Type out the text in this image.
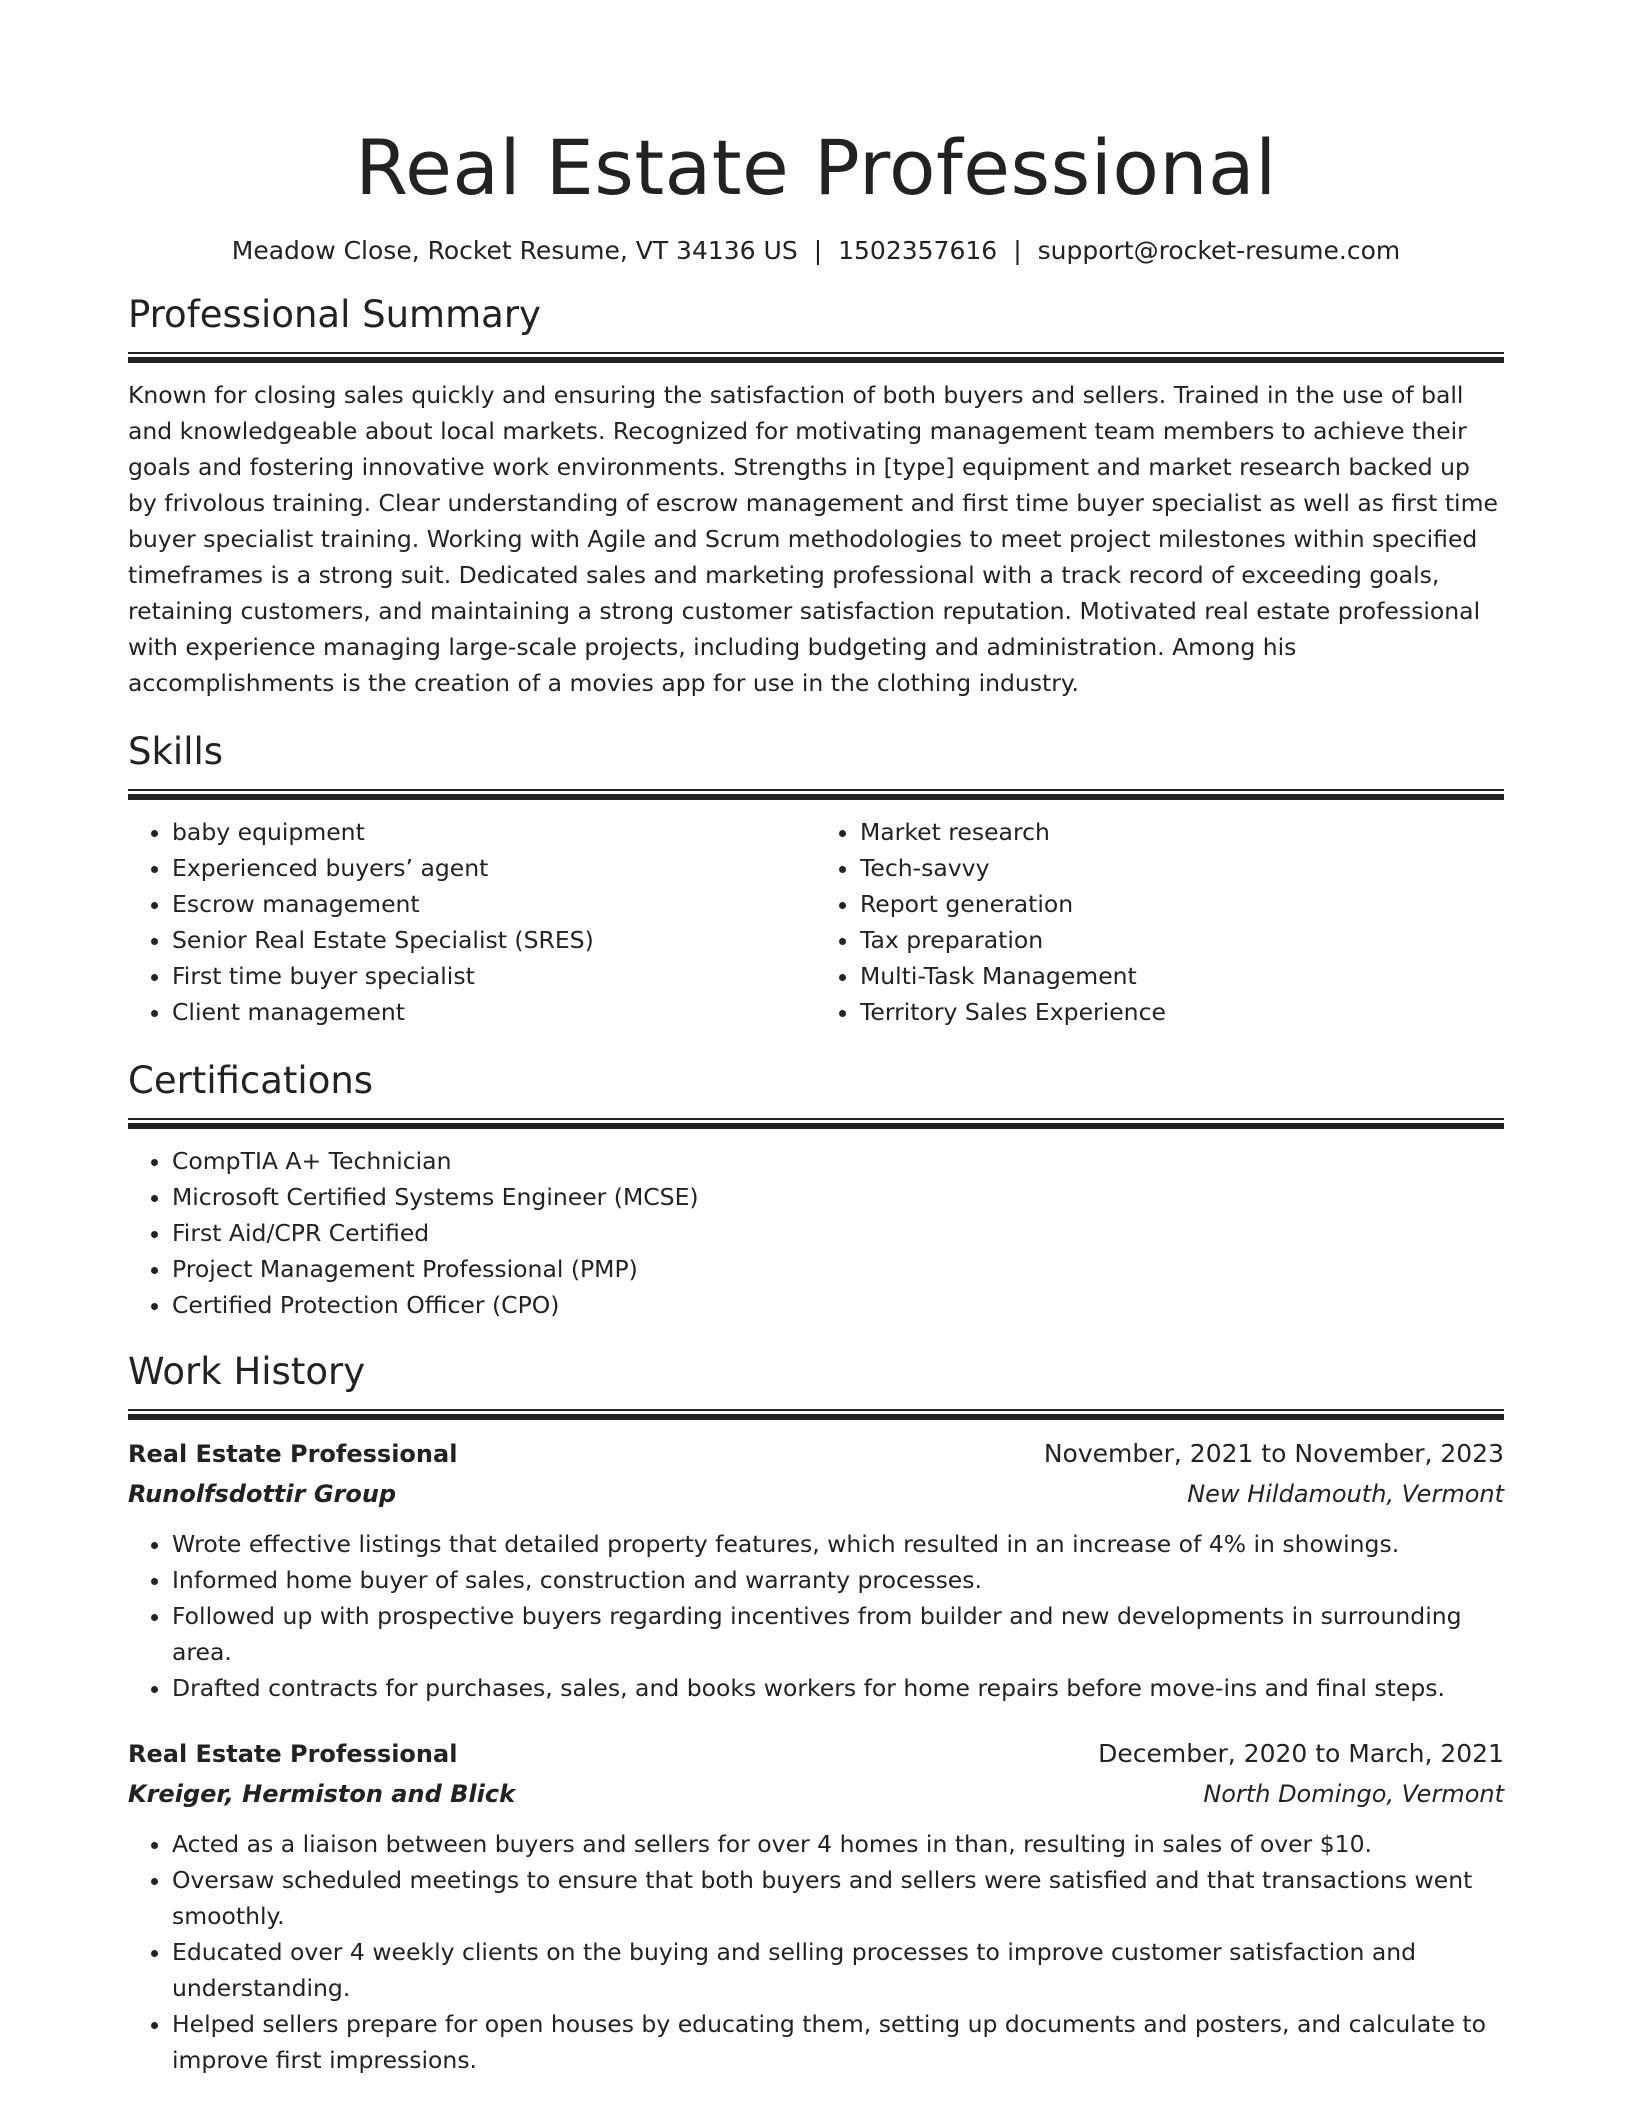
Real Estate Professional
Meadow Close, Rocket Resume, VT 34136 US | 1502357616 | support@rocket-resume.com
Professional Summary

Known for closing sales quickly and ensuring the satisfaction of both buyers and sellers. Trained in the use of ball and knowledgeable about local markets. Recognized for motivating management team members to achieve their goals and fostering innovative work environments. Strengths in [type] equipment and market research backed up by frivolous training. Clear understanding of escrow management and first time buyer specialist as well as first time buyer specialist training. Working with Agile and Scrum methodologies to meet project milestones within specified timeframes is a strong suit. Dedicated sales and marketing professional with a track record of exceeding goals, retaining customers, and maintaining a strong customer satisfaction reputation. Motivated real estate professional with experience managing large-scale projects, including budgeting and administration. Among his accomplishments is the creation of a movies app for use in the clothing industry.

Skills
• baby equipment
• Experienced buyers’ agent
• Escrow management
• Senior Real Estate Specialist (SRES)
• First time buyer specialist
• Client management
• Market research
• Tech-savvy
• Report generation
• Tax preparation
• Multi-Task Management
• Territory Sales Experience
Certifications
• CompTIA A+ Technician
• Microsoft Certified Systems Engineer (MCSE)
• First Aid/CPR Certified
• Project Management Professional (PMP)
• Certified Protection Officer (CPO)
Work History
Real Estate Professional	November, 2021 to November, 2023
Runolfsdottir Group	New Hildamouth, Vermont
• Wrote effective listings that detailed property features, which resulted in an increase of 4% in showings.
• Informed home buyer of sales, construction and warranty processes.
• Followed up with prospective buyers regarding incentives from builder and new developments in surrounding area.
• Drafted contracts for purchases, sales, and books workers for home repairs before move-ins and final steps.
Real Estate Professional	December, 2020 to March, 2021
Kreiger, Hermiston and Blick	North Domingo, Vermont
• Acted as a liaison between buyers and sellers for over 4 homes in than, resulting in sales of over $10.
• Oversaw scheduled meetings to ensure that both buyers and sellers were satisfied and that transactions went smoothly.
• Educated over 4 weekly clients on the buying and selling processes to improve customer satisfaction and understanding.
• Helped sellers prepare for open houses by educating them, setting up documents and posters, and calculate to improve first impressions.
